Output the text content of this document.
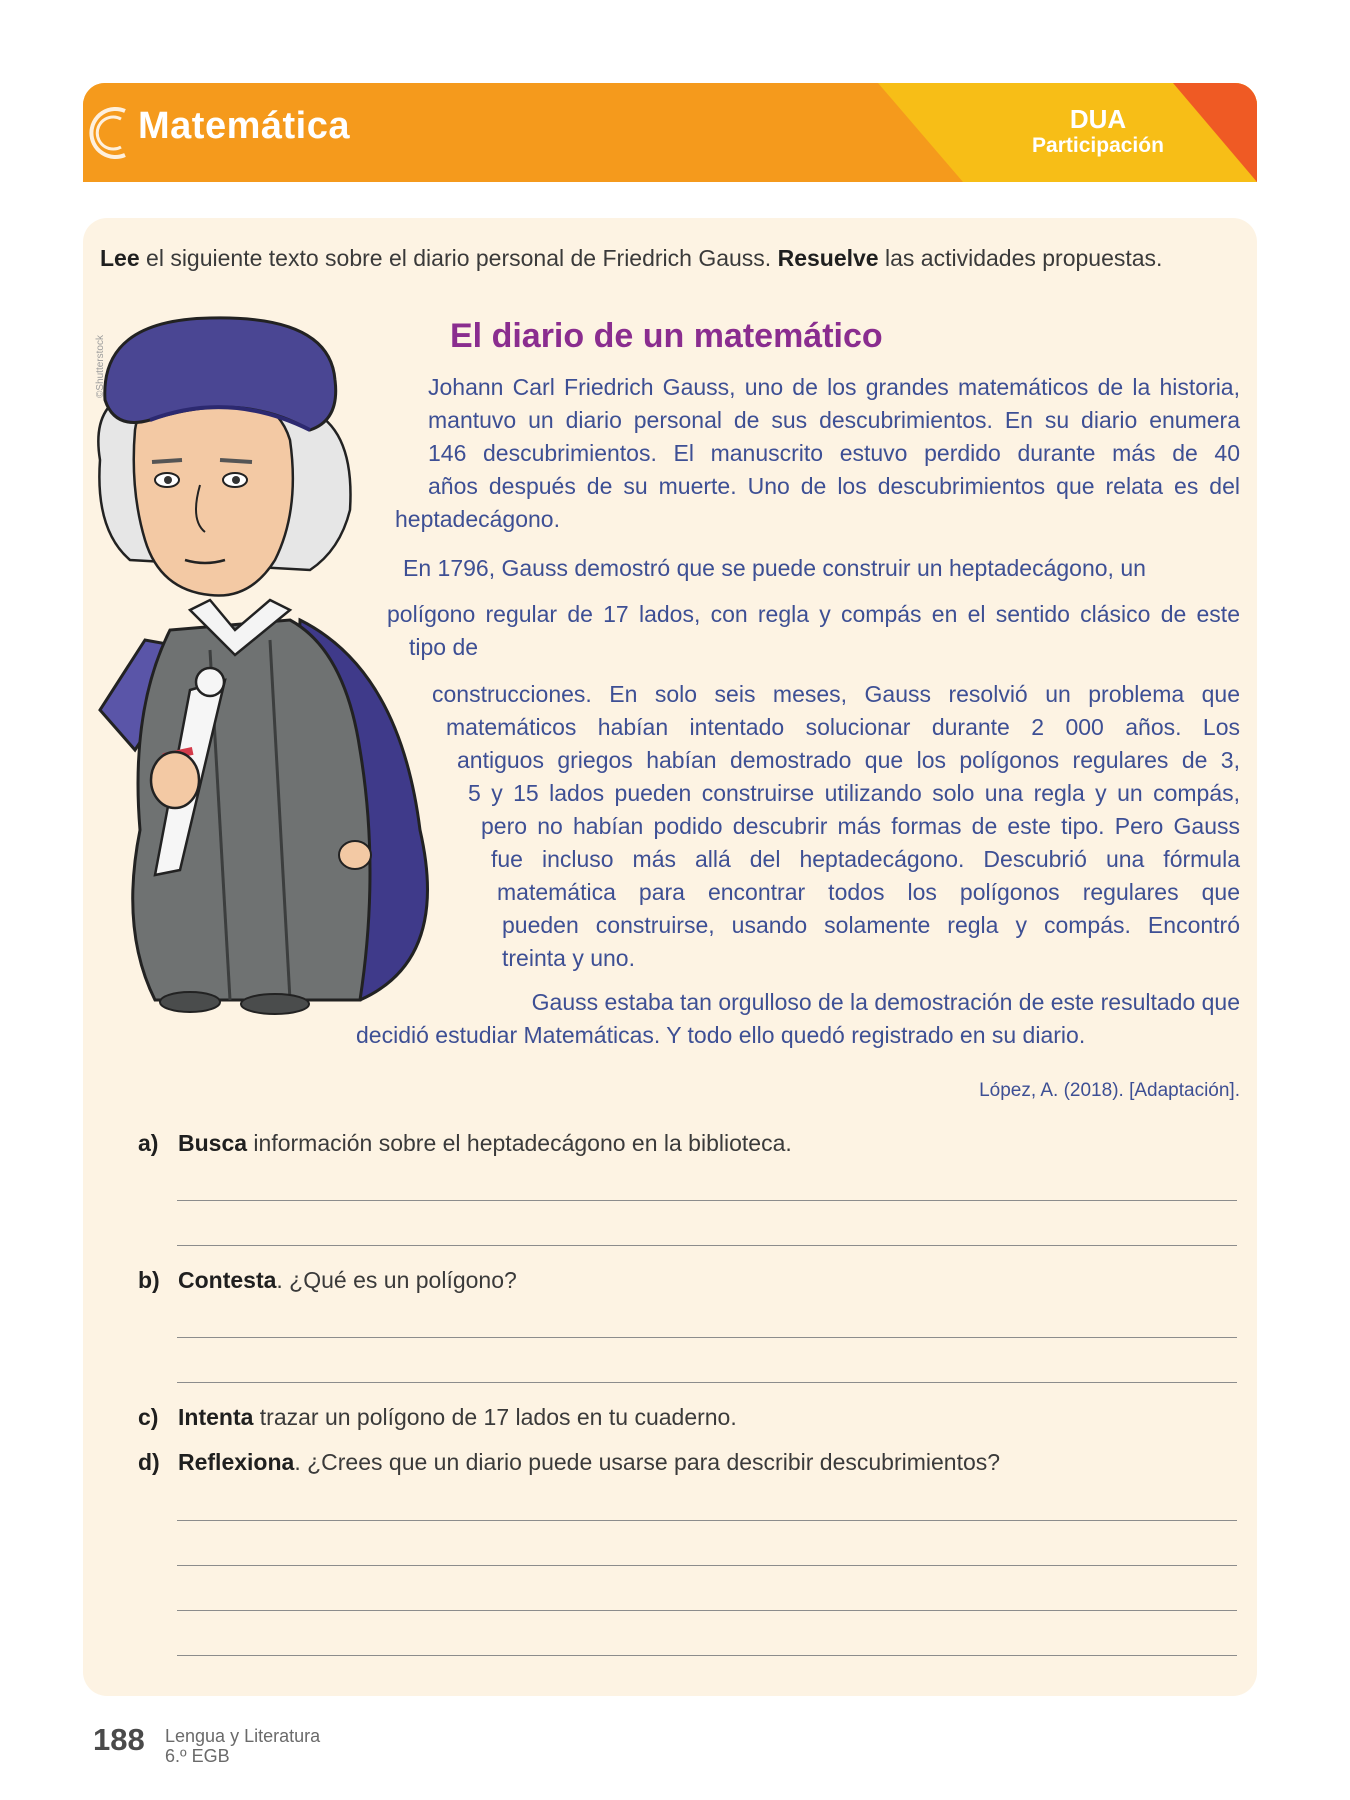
Matemática	DUA
Participación
Lee el siguiente texto sobre el diario personal de Friedrich Gauss. Resuelve las actividades propuestas.
El diario de un matemático
Johann Carl Friedrich Gauss, uno de los grandes matemáticos de la historia,
mantuvo un diario personal de sus descubrimientos. En su diario enumera
146 descubrimientos. El manuscrito estuvo perdido durante más de 40
años después de su muerte. Uno de los descubrimientos que relata es del
heptadecágono.
En 1796, Gauss demostró que se puede construir un heptadecágono, un
polígono regular de 17 lados, con regla y compás en el sentido clásico de este
tipo de
construcciones. En solo seis meses, Gauss resolvió un problema que
matemáticos habían intentado solucionar durante 2 000 años. Los
antiguos griegos habían demostrado que los polígonos regulares de 3,
5 y 15 lados pueden construirse utilizando solo una regla y un compás,
pero no habían podido descubrir más formas de este tipo. Pero Gauss
fue incluso más allá del heptadecágono. Descubrió una fórmula
matemática para encontrar todos los polígonos regulares que
pueden construirse, usando solamente regla y compás. Encontró
treinta y uno.
Gauss estaba tan orgulloso de la demostración de este resultado que
decidió estudiar Matemáticas. Y todo ello quedó registrado en su diario.
López, A. (2018). [Adaptación].
a) Busca información sobre el heptadecágono en la biblioteca.
b) Contesta. ¿Qué es un polígono?
c) Intenta trazar un polígono de 17 lados en tu cuaderno.
d) Reflexiona. ¿Crees que un diario puede usarse para describir descubrimientos?
188 Lengua y Literatura
6.º EGB
